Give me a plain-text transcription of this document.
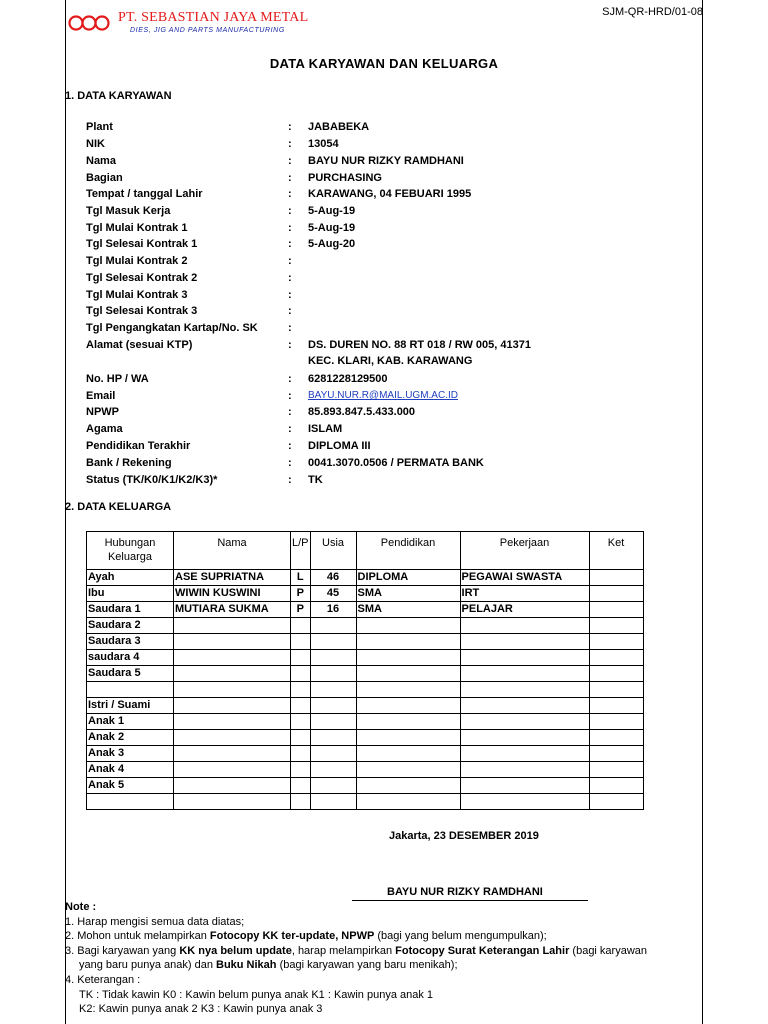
PT. SEBASTIAN JAYA METAL
DIES, JIG AND PARTS MANUFACTURING
SJM-QR-HRD/01-08
DATA KARYAWAN DAN KELUARGA
1. DATA KARYAWAN
Plant	: JABABEKA
NIK	: 13054
Nama	: BAYU NUR RIZKY RAMDHANI
Bagian	: PURCHASING
Tempat / tanggal Lahir	: KARAWANG, 04 FEBUARI 1995
Tgl Masuk Kerja	: 5-Aug-19
Tgl Mulai Kontrak 1	: 5-Aug-19
Tgl Selesai Kontrak 1	: 5-Aug-20
Tgl Mulai Kontrak 2	:
Tgl Selesai Kontrak 2	:
Tgl Mulai Kontrak 3	:
Tgl Selesai Kontrak 3	:
Tgl Pengangkatan Kartap/No. SK	:
Alamat (sesuai KTP)	: DS. DUREN NO. 88 RT 018 / RW 005, 41371
KEC. KLARI, KAB. KARAWANG
No. HP / WA	: 6281228129500
Email	: BAYU.NUR.R@MAIL.UGM.AC.ID
NPWP	: 85.893.847.5.433.000
Agama	: ISLAM
Pendidikan Terakhir	: DIPLOMA III
Bank / Rekening	: 0041.3070.0506 / PERMATA BANK
Status (TK/K0/K1/K2/K3)*	: TK
2. DATA KELUARGA
Hubungan Keluarga	Nama	L/P	Usia	Pendidikan	Pekerjaan	Ket
Ayah	ASE SUPRIATNA	L	46	DIPLOMA	PEGAWAI SWASTA	
Ibu	WIWIN KUSWINI	P	45	SMA	IRT	
Saudara 1	MUTIARA SUKMA	P	16	SMA	PELAJAR	
Saudara 2						
Saudara 3						
saudara 4						
Saudara 5						

Istri / Suami						
Anak 1						
Anak 2						
Anak 3						
Anak 4						
Anak 5						

Jakarta, 23 DESEMBER 2019
BAYU NUR RIZKY RAMDHANI
Note :
1. Harap mengisi semua data diatas;
2. Mohon untuk melampirkan Fotocopy KK ter-update, NPWP (bagi yang belum mengumpulkan);
3. Bagi karyawan yang KK nya belum update, harap melampirkan Fotocopy Surat Keterangan Lahir (bagi karyawan
yang baru punya anak) dan Buku Nikah (bagi karyawan yang baru menikah);
4. Keterangan :
TK : Tidak kawin K0 : Kawin belum punya anak K1 : Kawin punya anak 1
K2: Kawin punya anak 2 K3 : Kawin punya anak 3
